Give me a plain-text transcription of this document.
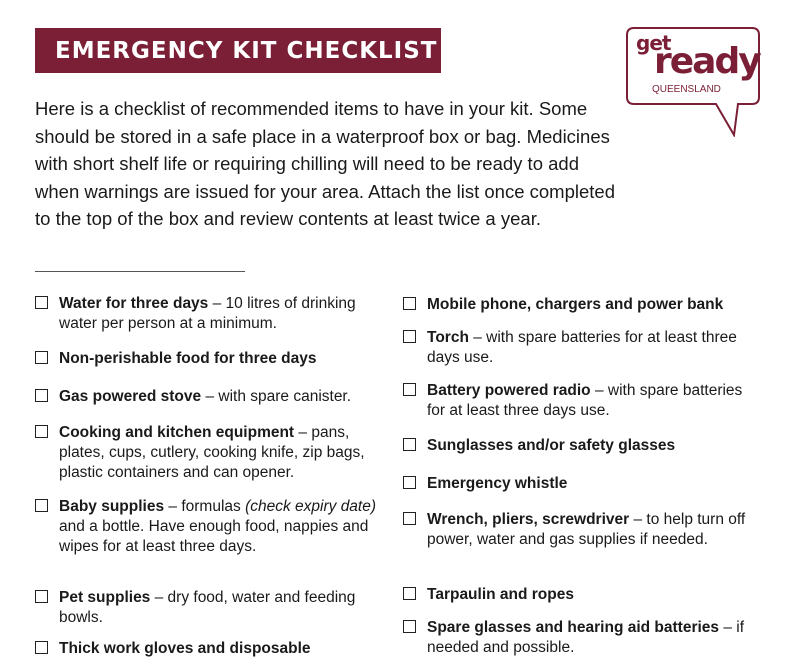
EMERGENCY KIT CHECKLIST	get
ready
QUEENSLAND
Here is a checklist of recommended items to have in your kit. Some should be stored in a safe place in a waterproof box or bag. Medicines with short shelf life or requiring chilling will need to be ready to add when warnings are issued for your area. Attach the list once completed to the top of the box and review contents at least twice a year.
Water for three days – 10 litres of drinking water per person at a minimum.
Non-perishable food for three days
Gas powered stove – with spare canister.
Cooking and kitchen equipment – pans, plates, cups, cutlery, cooking knife, zip bags, plastic containers and can opener.
Baby supplies – formulas (check expiry date) and a bottle. Have enough food, nappies and wipes for at least three days.
Pet supplies – dry food, water and feeding bowls.
Thick work gloves and disposable
Mobile phone, chargers and power bank
Torch – with spare batteries for at least three days use.
Battery powered radio – with spare batteries for at least three days use.
Sunglasses and/or safety glasses
Emergency whistle
Wrench, pliers, screwdriver – to help turn off power, water and gas supplies if needed.
Tarpaulin and ropes
Spare glasses and hearing aid batteries – if needed and possible.
